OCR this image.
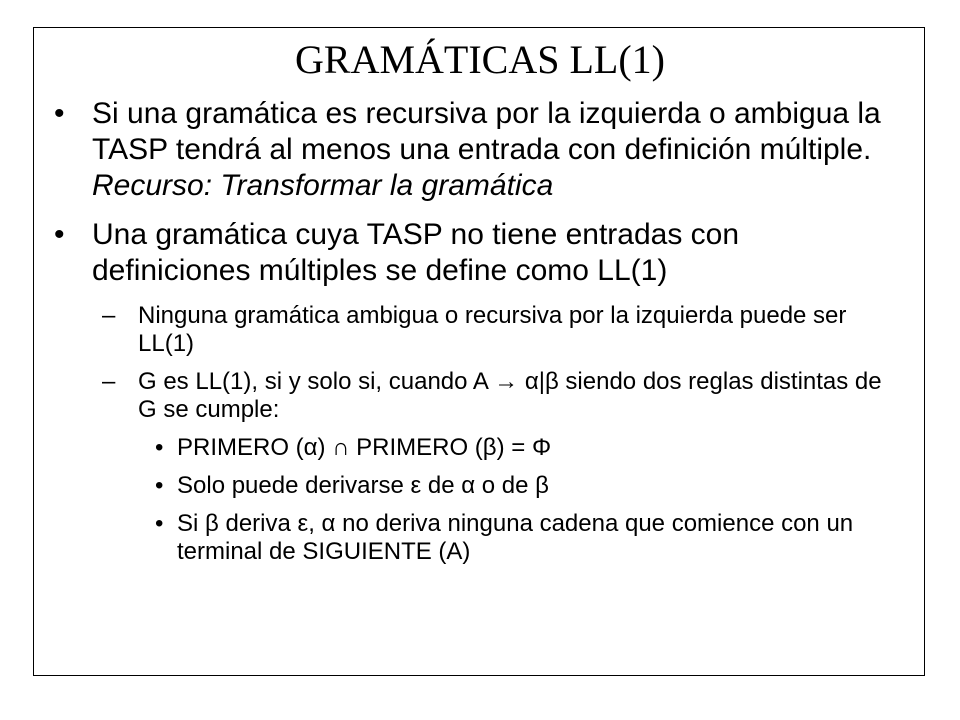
GRAMÁTICAS LL(1)
• Si una gramática es recursiva por la izquierda o ambigua la TASP tendrá al menos una entrada con definición múltiple. Recurso: Transformar la gramática
• Una gramática cuya TASP no tiene entradas con definiciones múltiples se define como LL(1)
– Ninguna gramática ambigua o recursiva por la izquierda puede ser LL(1)
– G es LL(1), si y solo si, cuando A → α|β siendo dos reglas distintas de G se cumple:
• PRIMERO (α) ∩ PRIMERO (β) = Φ
• Solo puede derivarse ε de α o de β
• Si β deriva ε, α no deriva ninguna cadena que comience con un terminal de SIGUIENTE (A)
